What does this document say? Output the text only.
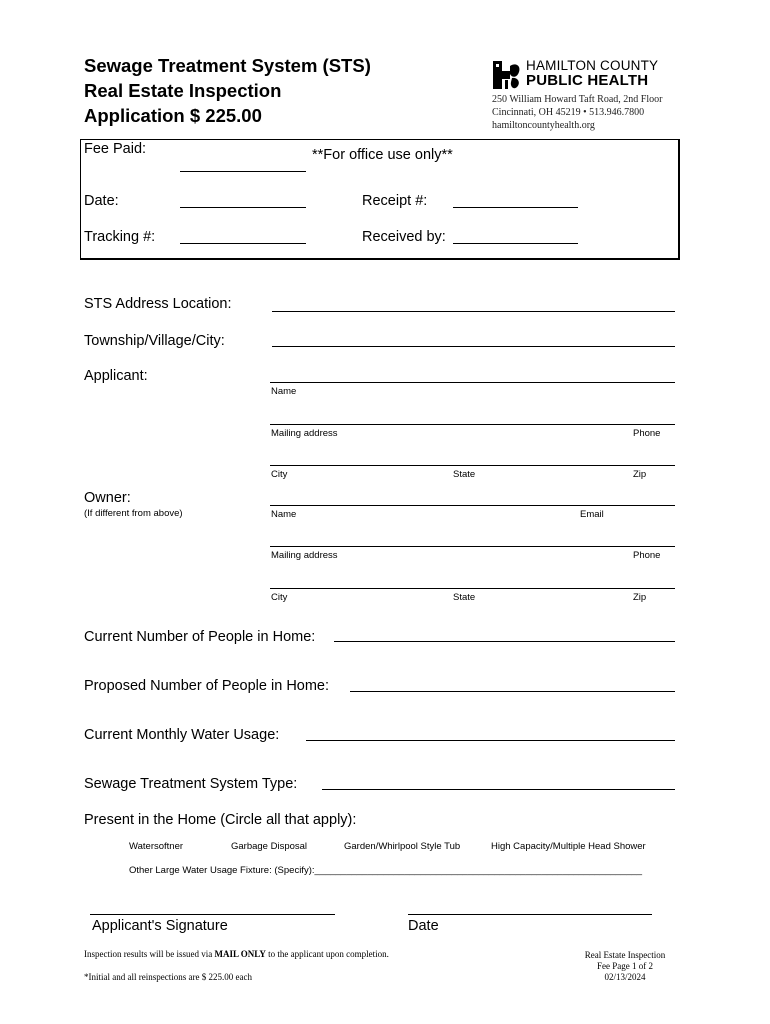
Sewage Treatment System (STS)
Real Estate Inspection
Application $ 225.00
HAMILTON COUNTY
PUBLIC HEALTH
250 William Howard Taft Road, 2nd Floor
Cincinnati, OH 45219 • 513.946.7800
hamiltoncountyhealth.org
Fee Paid:	**For office use only**
Date:	Receipt #:
Tracking #:	Received by:
STS Address Location:
Township/Village/City:
Applicant:
Name
Mailing address	Phone
City	State	Zip
Owner:
(If different from above)	Name	Email
Mailing address	Phone
City	State	Zip
Current Number of People in Home:
Proposed Number of People in Home:
Current Monthly Water Usage:
Sewage Treatment System Type:
Present in the Home (Circle all that apply):
Watersoftner	Garbage Disposal	Garden/Whirlpool Style Tub	High Capacity/Multiple Head Shower
Other Large Water Usage Fixture: (Specify):______________________________________________________________
Applicant's Signature	Date
Inspection results will be issued via MAIL ONLY to the applicant upon completion.
*Initial and all reinspections are $ 225.00 each
Real Estate Inspection
Fee Page 1 of 2
02/13/2024
